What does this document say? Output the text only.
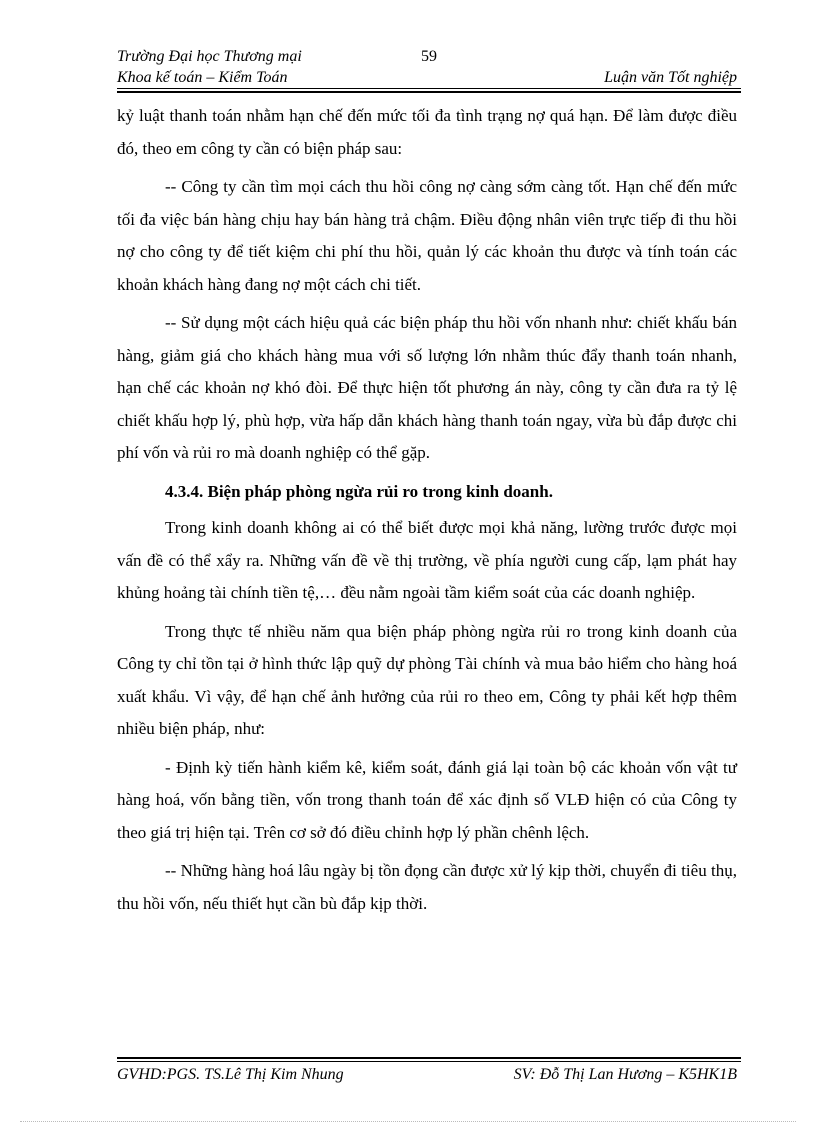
Trường Đại học Thương mại	59
Khoa kế toán – Kiểm Toán	Luận văn Tốt nghiệp

kỷ luật thanh toán nhằm hạn chế đến mức tối đa tình trạng nợ quá hạn. Để làm được điều đó, theo em công ty cần có biện pháp sau:

-- Công ty cần tìm mọi cách thu hồi công nợ càng sớm càng tốt. Hạn chế đến mức tối đa việc bán hàng chịu hay bán hàng trả chậm. Điều động nhân viên trực tiếp đi thu hồi nợ cho công ty để tiết kiệm chi phí thu hồi, quản lý các khoản thu được và tính toán các khoản khách hàng đang nợ một cách chi tiết.

-- Sử dụng một cách hiệu quả các biện pháp thu hồi vốn nhanh như: chiết khấu bán hàng, giảm giá cho khách hàng mua với số lượng lớn nhằm thúc đẩy thanh toán nhanh, hạn chế các khoản nợ khó đòi. Để thực hiện tốt phương án này, công ty cần đưa ra tỷ lệ chiết khấu hợp lý, phù hợp, vừa hấp dẫn khách hàng thanh toán ngay, vừa bù đắp được chi phí vốn và rủi ro mà doanh nghiệp có thể gặp.

4.3.4. Biện pháp phòng ngừa rủi ro trong kinh doanh.

Trong kinh doanh không ai có thể biết được mọi khả năng, lường trước được mọi vấn đề có thể xẩy ra. Những vấn đề về thị trường, về phía người cung cấp, lạm phát hay khủng hoảng tài chính tiền tệ,… đều nằm ngoài tầm kiểm soát của các doanh nghiệp.

Trong thực tế nhiều năm qua biện pháp phòng ngừa rủi ro trong kinh doanh của Công ty chỉ tồn tại ở hình thức lập quỹ dự phòng Tài chính và mua bảo hiểm cho hàng hoá xuất khẩu. Vì vậy, để hạn chế ảnh hưởng của rủi ro theo em, Công ty phải kết hợp thêm nhiều biện pháp, như:

- Định kỳ tiến hành kiểm kê, kiểm soát, đánh giá lại toàn bộ các khoản vốn vật tư hàng hoá, vốn bằng tiền, vốn trong thanh toán để xác định số VLĐ hiện có của Công ty theo giá trị hiện tại. Trên cơ sở đó điều chỉnh hợp lý phần chênh lệch.

-- Những hàng hoá lâu ngày bị tồn đọng cần được xử lý kịp thời, chuyển đi tiêu thụ, thu hồi vốn, nếu thiết hụt cần bù đắp kịp thời.

GVHD:PGS. TS.Lê Thị Kim Nhung	SV: Đỗ Thị Lan Hương – K5HK1B
